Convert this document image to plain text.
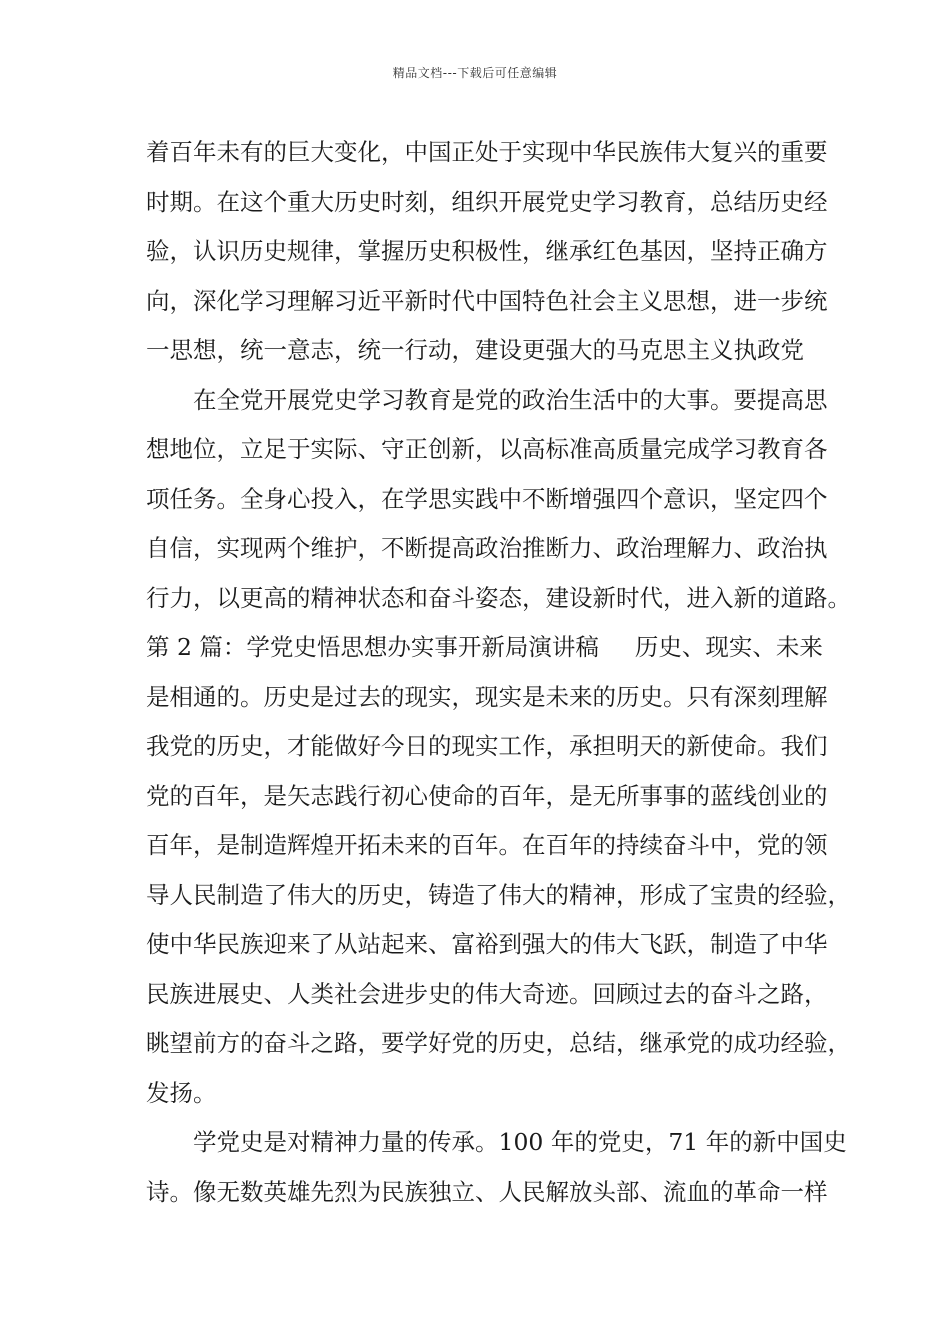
精品文档---下载后可任意编辑
着百年未有的巨大变化，中国正处于实现中华民族伟大复兴的重要
时期。在这个重大历史时刻，组织开展党史学习教育，总结历史经
验，认识历史规律，掌握历史积极性，继承红色基因，坚持正确方
向，深化学习理解习近平新时代中国特色社会主义思想，进一步统
一思想，统一意志，统一行动，建设更强大的马克思主义执政党
在全党开展党史学习教育是党的政治生活中的大事。要提高思
想地位，立足于实际、守正创新，以高标准高质量完成学习教育各
项任务。全身心投入，在学思实践中不断增强四个意识，坚定四个
自信，实现两个维护，不断提高政治推断力、政治理解力、政治执
行力，以更高的精神状态和奋斗姿态，建设新时代，进入新的道路。
第 2 篇：学党史悟思想办实事开新局演讲稿 历史、现实、未来
是相通的。历史是过去的现实，现实是未来的历史。只有深刻理解
我党的历史，才能做好今日的现实工作，承担明天的新使命。我们
党的百年，是矢志践行初心使命的百年，是无所事事的蓝线创业的
百年，是制造辉煌开拓未来的百年。在百年的持续奋斗中，党的领
导人民制造了伟大的历史，铸造了伟大的精神，形成了宝贵的经验，
使中华民族迎来了从站起来、富裕到强大的伟大飞跃，制造了中华
民族进展史、人类社会进步史的伟大奇迹。回顾过去的奋斗之路，
眺望前方的奋斗之路，要学好党的历史，总结，继承党的成功经验，
发扬。
学党史是对精神力量的传承。100 年的党史，71 年的新中国史
诗。像无数英雄先烈为民族独立、人民解放头部、流血的革命一样
